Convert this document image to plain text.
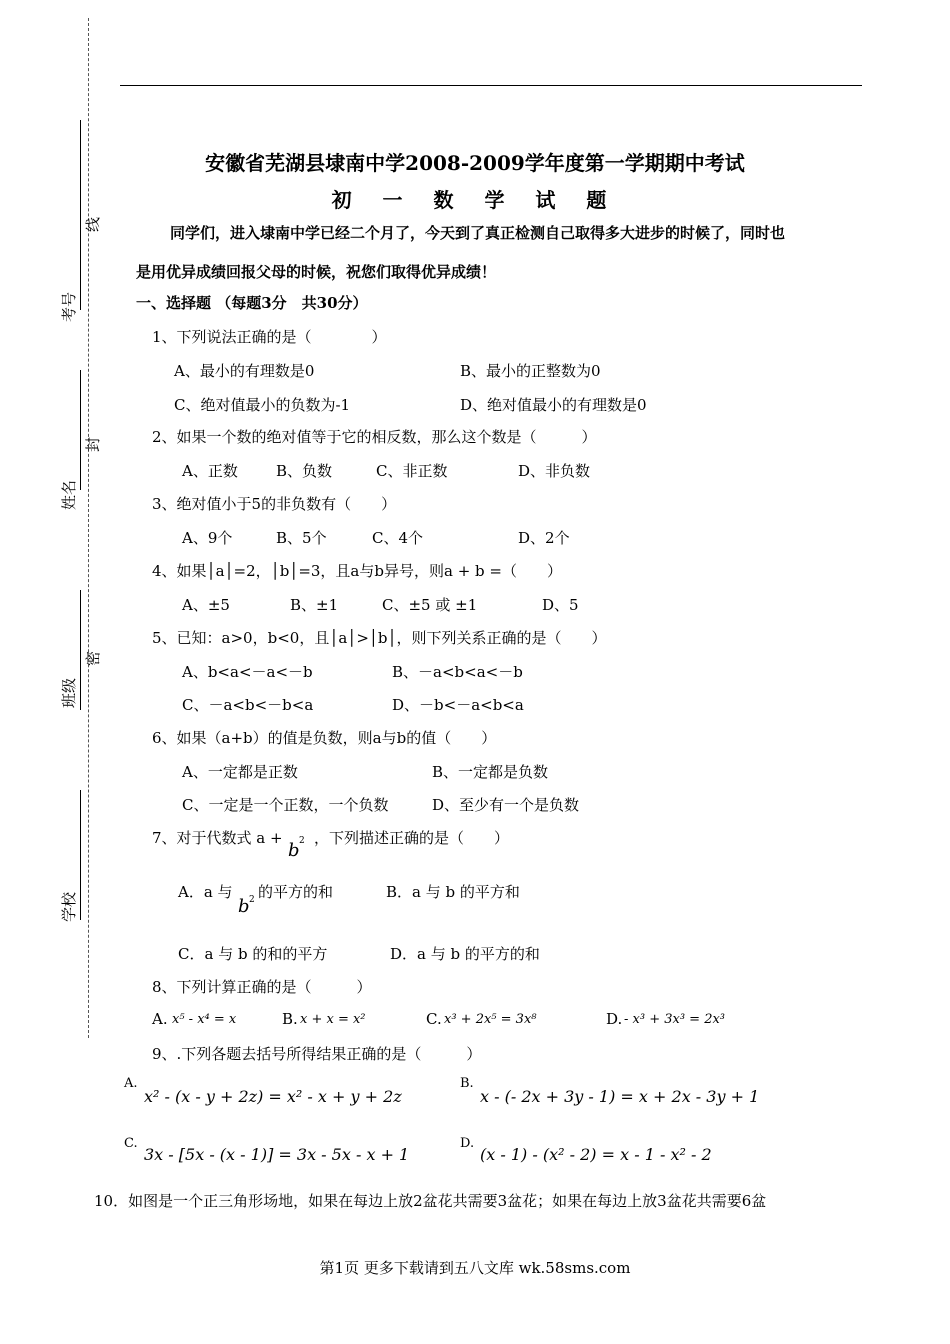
考号
姓名
班级
学校
线
封
密
安徽省芜湖县埭南中学2008-2009学年度第一学期期中考试
初 一 数 学 试 题
同学们，进入埭南中学已经二个月了，今天到了真正检测自己取得多大进步的时候了，同时也
是用优异成绩回报父母的时候，祝您们取得优异成绩！
一、选择题 （每题3分　共30分）
1、下列说法正确的是（　　　　）
A、最小的有理数是0	B、最小的正整数为0
C、绝对值最小的负数为-1	D、绝对值最小的有理数是0
2、如果一个数的绝对值等于它的相反数，那么这个数是（　　　）
A、正数	B、负数	C、非正数	D、非负数
3、绝对值小于5的非负数有（　　）
A、9个	B、5个	C、4个	D、2个
4、如果│a│=2，│b│=3，且a与b异号，则a + b =（　　）
A、±5	B、±1	C、±5 或 ±1	D、5
5、已知：a>0，b<0，且│a│>│b│，则下列关系正确的是（　　）
A、b<a<－a<－b	B、－a<b<a<－b
C、－a<b<－b<a	D、－b<－a<b<a
6、如果（a+b）的值是负数，则a与b的值（　　）
A、一定都是正数	B、一定都是负数
C、一定是一个正数，一个负数	D、至少有一个是负数
7、对于代数式 a +
b 2 ，下列描述正确的是（　　）
A．a 与
b 2 的平方的和	B．a 与 b 的平方和
C．a 与 b 的和的平方	D．a 与 b 的平方的和
8、下列计算正确的是（　　　）
A. x⁵ - x⁴ = x	B. x + x = x²	C. x³ + 2x⁵ = 3x⁸	D. - x³ + 3x³ = 2x³
9、.下列各题去括号所得结果正确的是（　　　）
A.
x² - (x - y + 2z) = x² - x + y + 2z
B.
x - (- 2x + 3y - 1) = x + 2x - 3y + 1
C.
3x - [5x - (x - 1)] = 3x - 5x - x + 1
D.
(x - 1) - (x² - 2) = x - 1 - x² - 2
10．如图是一个正三角形场地，如果在每边上放2盆花共需要3盆花；如果在每边上放3盆花共需要6盆
第1页 更多下载请到五八文库 wk.58sms.com
